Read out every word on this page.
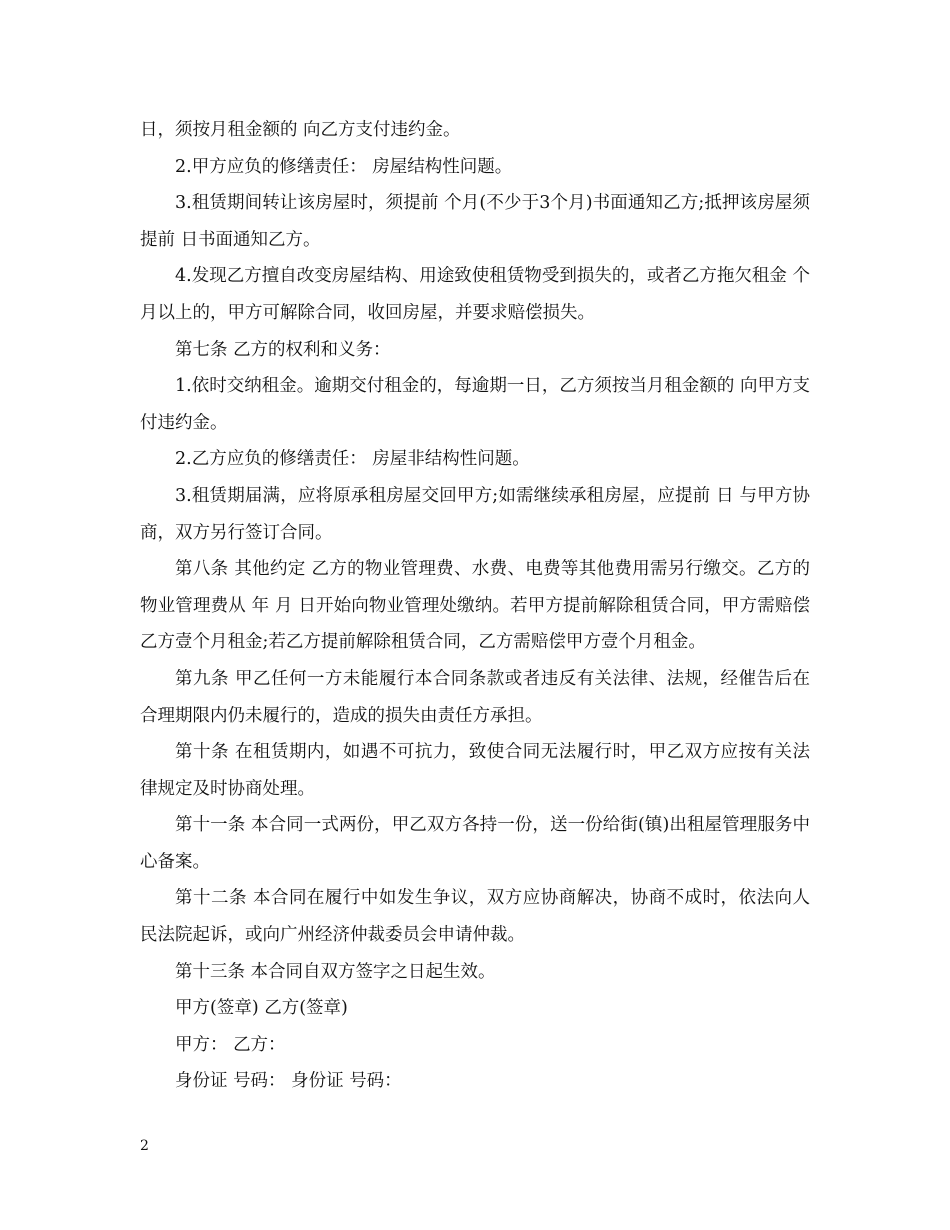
日，须按月租金额的 向乙方支付违约金。

2.甲方应负的修缮责任： 房屋结构性问题。

3.租赁期间转让该房屋时，须提前 个月(不少于3个月)书面通知乙方;抵押该房屋须提前 日书面通知乙方。

4.发现乙方擅自改变房屋结构、用途致使租赁物受到损失的，或者乙方拖欠租金 个月以上的，甲方可解除合同，收回房屋，并要求赔偿损失。

第七条 乙方的权利和义务：

1.依时交纳租金。逾期交付租金的，每逾期一日，乙方须按当月租金额的 向甲方支付违约金。

2.乙方应负的修缮责任： 房屋非结构性问题。

3.租赁期届满，应将原承租房屋交回甲方;如需继续承租房屋，应提前 日 与甲方协商，双方另行签订合同。

第八条 其他约定 乙方的物业管理费、水费、电费等其他费用需另行缴交。乙方的物业管理费从 年 月 日开始向物业管理处缴纳。若甲方提前解除租赁合同，甲方需赔偿乙方壹个月租金;若乙方提前解除租赁合同，乙方需赔偿甲方壹个月租金。

第九条 甲乙任何一方未能履行本合同条款或者违反有关法律、法规，经催告后在合理期限内仍未履行的，造成的损失由责任方承担。

第十条 在租赁期内，如遇不可抗力，致使合同无法履行时，甲乙双方应按有关法律规定及时协商处理。

第十一条 本合同一式两份，甲乙双方各持一份，送一份给街(镇)出租屋管理服务中心备案。

第十二条 本合同在履行中如发生争议，双方应协商解决，协商不成时，依法向人民法院起诉，或向广州经济仲裁委员会申请仲裁。

第十三条 本合同自双方签字之日起生效。

甲方(签章) 乙方(签章)

甲方： 乙方：

身份证 号码： 身份证 号码：

2
